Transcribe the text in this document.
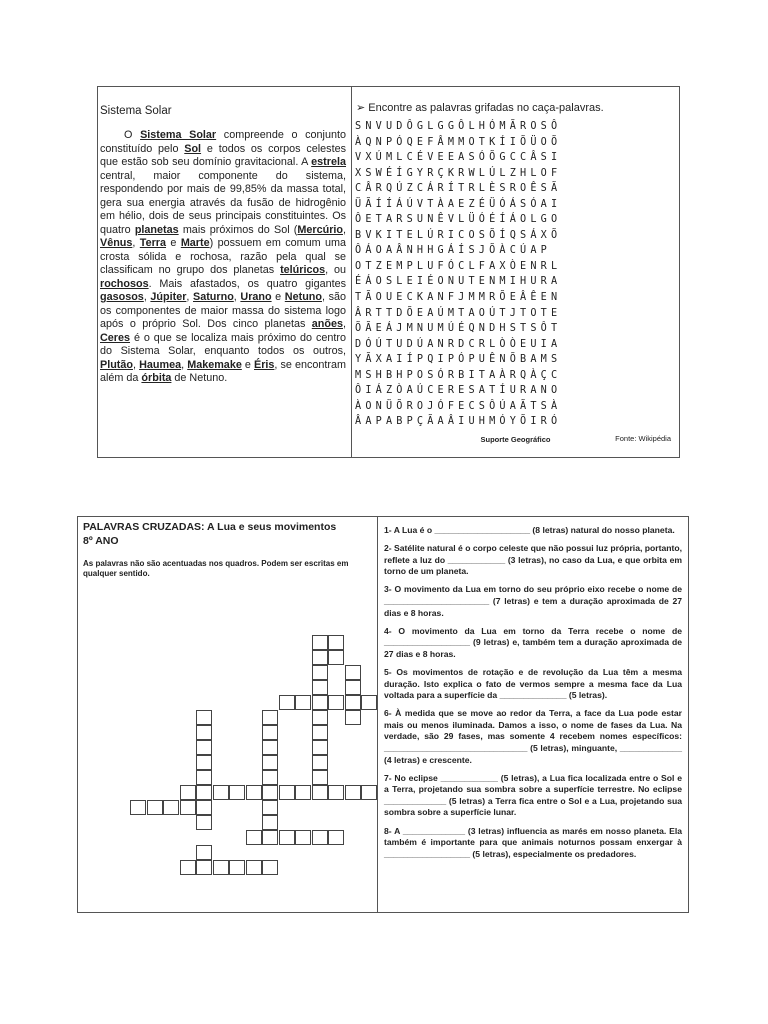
Sistema Solar

O Sistema Solar compreende o conjunto constituído pelo Sol e todos os corpos celestes que estão sob seu domínio gravitacional. A estrela central, maior componente do sistema, respondendo por mais de 99,85% da massa total, gera sua energia através da fusão de hidrogênio em hélio, dois de seus principais constituintes. Os quatro planetas mais próximos do Sol (Mercúrio, Vênus, Terra e Marte) possuem em comum uma crosta sólida e rochosa, razão pela qual se classificam no grupo dos planetas telúricos, ou rochosos. Mais afastados, os quatro gigantes gasosos, Júpiter, Saturno, Urano e Netuno, são os componentes de maior massa do sistema logo após o próprio Sol. Dos cinco planetas anões, Ceres é o que se localiza mais próximo do centro do Sistema Solar, enquanto todos os outros, Plutão, Haumea, Makemake e Éris, se encontram além da órbita de Netuno.

Fonte: Wikipédia
➢ Encontre as palavras grifadas no caça-palavras.
SNVUDÔGLGGÔLHÓMÃROSÔ
ÀQNPÓQEFÂMMOTKÍIÕÜOÕ
VXÚMLCÉVEEASÓÕGCCÂSI
XSWÉÍGYRÇKRWLÚLZHLOF
CÂRQÚZCÁRÍTRLÈSROÊSÃ
ÜÃÍÍÁÚVTÀAEZÉÜÓÁSÓAI
ÔETARSUNÊVLÜÓÉÍÁOLGO
BVKITELÚRICOSÕÍQSÁXÕ
ÔÁOAÂNHHGÁÍSJÕÀCÚAP
OTZEMPLUFÓCLFAXÒENRL
ÉÁOSLEIÉONUTENMIHURA
TÃOUECKANFJMMRÕEÂÊEN
ÂRTTDÕEAÚMTAOÚTJTOTE
ÕÃEÁJMNUMÚÉQNDHSTSÔT
DÓÚTUDÚANRDCRLÒÒEUIA
YÃXAIÍPQIPÓPUÊNÕBAMS
MSHBHPOSÓRBITAÀRQÀÇC
ÔIÁZÒAÚCERESATÍURANO
ÀONÜÕROJÓFECSÔÚAÃTSÀ
ÂAPABPÇÃAÂIUHMÓYÕIRÓ
Suporte Geográfico
PALAVRAS CRUZADAS: A Lua e seus movimentos
8º ANO
As palavras não são acentuadas nos quadros. Podem ser escritas em qualquer sentido.

1- A Lua é o ____________________ (8 letras) natural do nosso planeta.

2- Satélite natural é o corpo celeste que não possui luz própria, portanto, reflete a luz do ____________ (3 letras), no caso da Lua, e que orbita em torno de um planeta.

3- O movimento da Lua em torno do seu próprio eixo recebe o nome de ______________________ (7 letras) e tem a duração aproximada de 27 dias e 8 horas.

4- O movimento da Lua em torno da Terra recebe o nome de __________________ (9 letras) e, também tem a duração aproximada de 27 dias e 8 horas.

5- Os movimentos de rotação e de revolução da Lua têm a mesma duração. Isto explica o fato de vermos sempre a mesma face da Lua voltada para a superfície da ______________ (5 letras).

6- À medida que se move ao redor da Terra, a face da Lua pode estar mais ou menos iluminada. Damos a isso, o nome de fases da Lua. Na verdade, são 29 fases, mas somente 4 recebem nomes específicos: ______________________________ (5 letras), minguante, _____________ (4 letras) e crescente.

7- No eclipse ____________ (5 letras), a Lua fica localizada entre o Sol e a Terra, projetando sua sombra sobre a superfície terrestre. No eclipse _____________ (5 letras) a Terra fica entre o Sol e a Lua, projetando sua sombra sobre a superfície lunar.

8- A _____________ (3 letras) influencia as marés em nosso planeta. Ela também é importante para que animais noturnos possam enxergar à __________________ (5 letras), especialmente os predadores.
